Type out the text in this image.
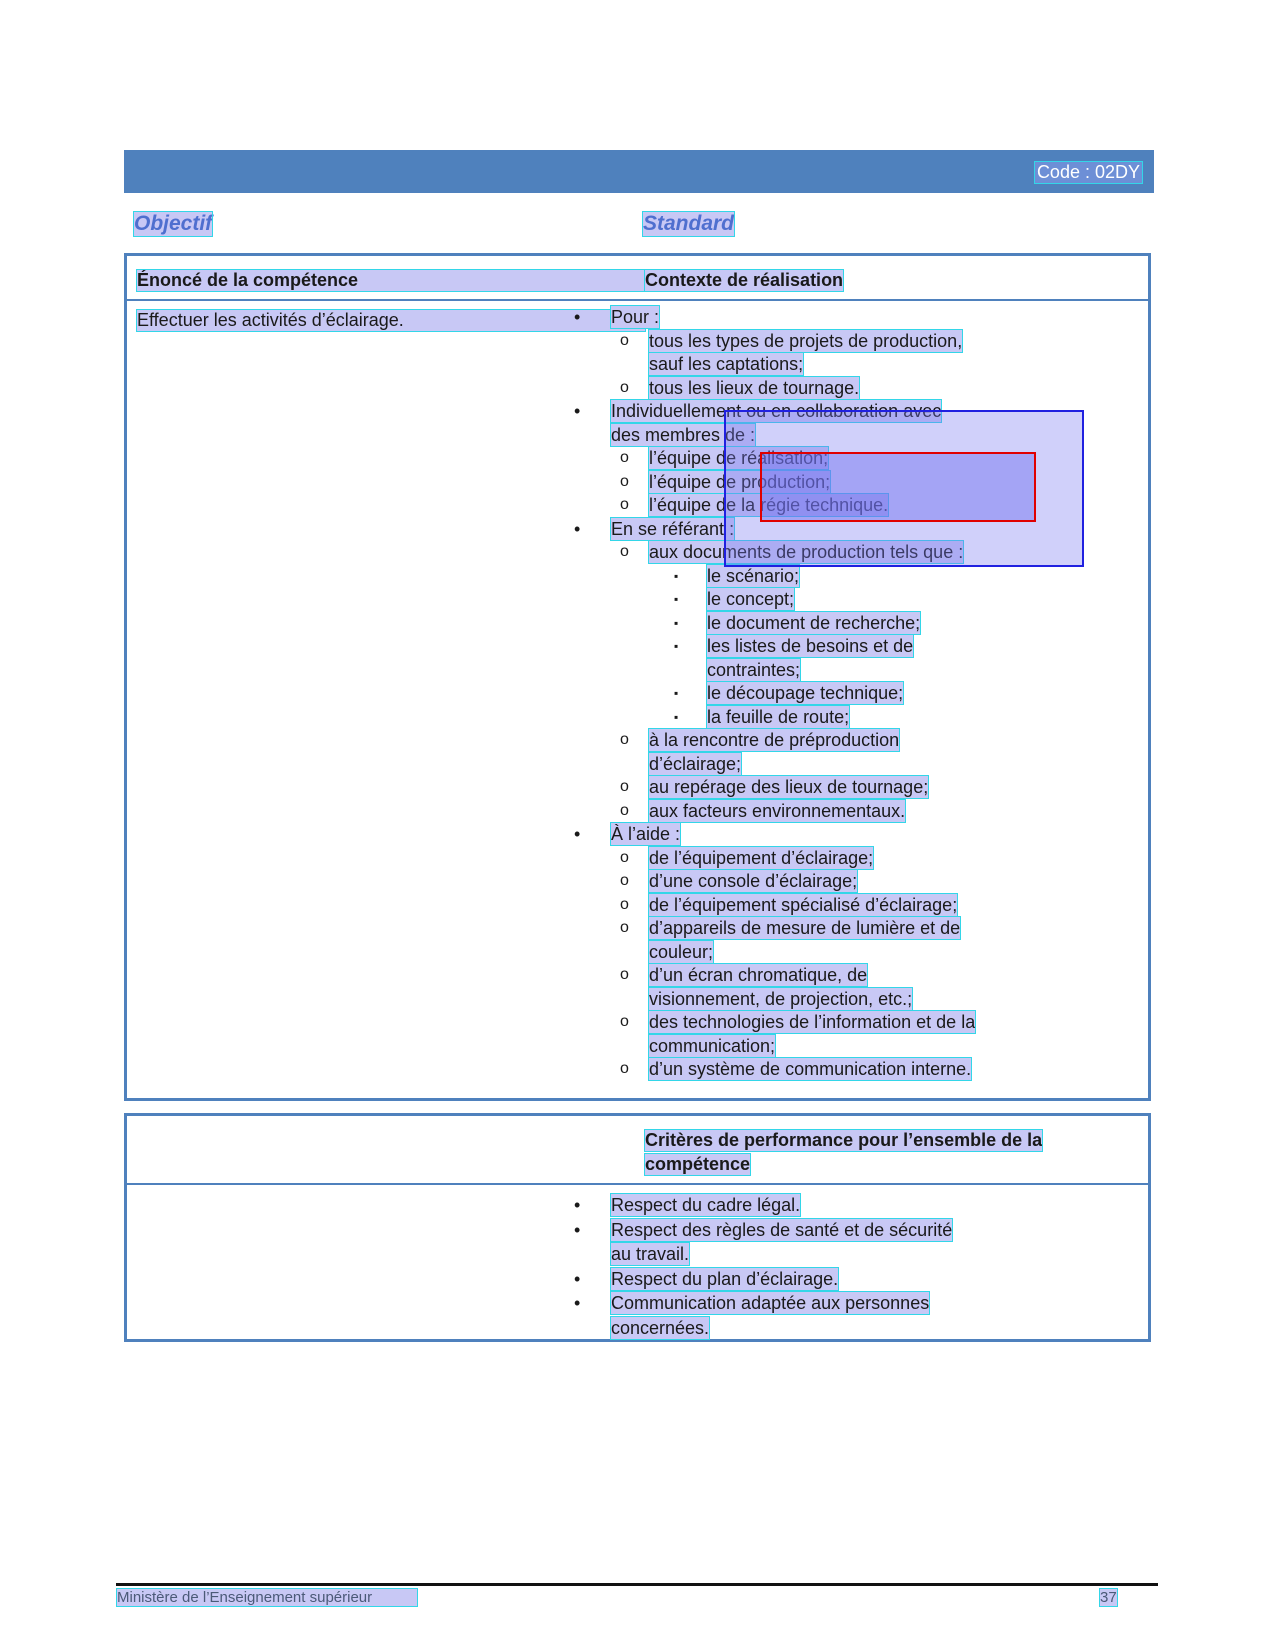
Code : 02DY
Objectif	Standard
Énoncé de la compétence	Contexte de réalisation
Effectuer les activités d’éclairage.	• Pour :
o tous les types de projets de production,
sauf les captations;
o tous les lieux de tournage.
• Individuellement ou en collaboration avec
des membres de :
o l’équipe de réalisation;
o l’équipe de production;
o l’équipe de la régie technique.
• En se référant :
o aux documents de production tels que :
▪ le scénario;
▪ le concept;
▪ le document de recherche;
▪ les listes de besoins et de
contraintes;
▪ le découpage technique;
▪ la feuille de route;
o à la rencontre de préproduction
d’éclairage;
o au repérage des lieux de tournage;
o aux facteurs environnementaux.
• À l’aide :
o de l’équipement d’éclairage;
o d’une console d’éclairage;
o de l’équipement spécialisé d’éclairage;
o d’appareils de mesure de lumière et de
couleur;
o d’un écran chromatique, de
visionnement, de projection, etc.;
o des technologies de l’information et de la
communication;
o d’un système de communication interne.
Critères de performance pour l’ensemble de la
compétence
• Respect du cadre légal.
• Respect des règles de santé et de sécurité
au travail.
• Respect du plan d’éclairage.
• Communication adaptée aux personnes
concernées.
Ministère de l’Enseignement supérieur	37
